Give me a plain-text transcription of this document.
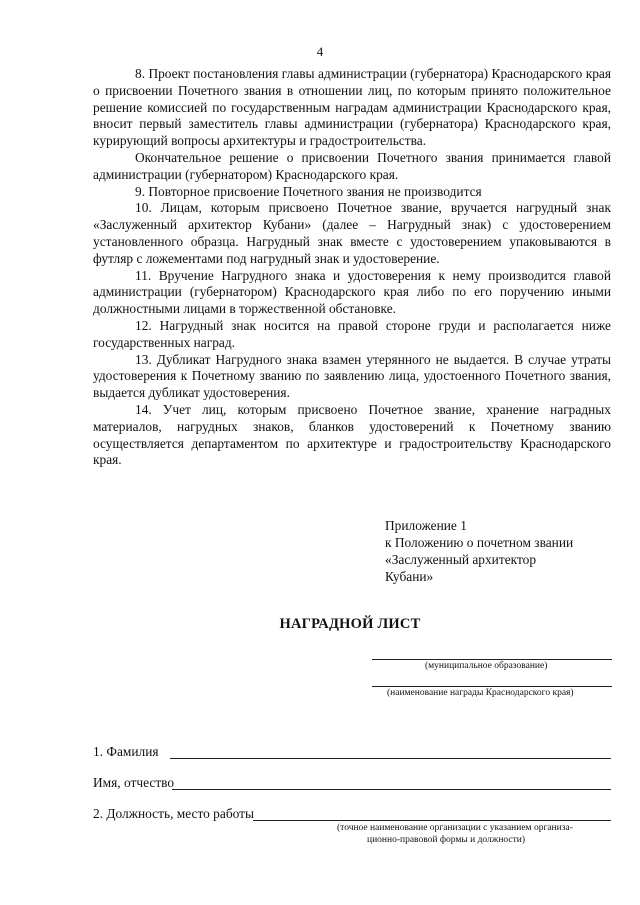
4

8. Проект постановления главы администрации (губернатора) Краснодарского края о присвоении Почетного звания в отношении лиц, по которым принято положительное решение комиссией по государственным наградам администрации Краснодарского края, вносит первый заместитель главы администрации (губернатора) Краснодарского края, курирующий вопросы архитектуры и градостроительства.

Окончательное решение о присвоении Почетного звания принимается главой администрации (губернатором) Краснодарского края.

9. Повторное присвоение Почетного звания не производится

10. Лицам, которым присвоено Почетное звание, вручается нагрудный знак «Заслуженный архитектор Кубани» (далее – Нагрудный знак) с удостоверением установленного образца. Нагрудный знак вместе с удостоверением упаковываются в футляр с ложементами под нагрудный знак и удостоверение.

11. Вручение Нагрудного знака и удостоверения к нему производится главой администрации (губернатором) Краснодарского края либо по его поручению иными должностными лицами в торжественной обстановке.

12. Нагрудный знак носится на правой стороне груди и располагается ниже государственных наград.

13. Дубликат Нагрудного знака взамен утерянного не выдается. В случае утраты удостоверения к Почетному званию по заявлению лица, удостоенного Почетного звания, выдается дубликат удостоверения.

14. Учет лиц, которым присвоено Почетное звание, хранение наградных материалов, нагрудных знаков, бланков удостоверений к Почетному званию осуществляется департаментом по архитектуре и градостроительству Краснодарского края.

Приложение 1
к Положению о почетном звании
«Заслуженный архитектор
Кубани»
НАГРАДНОЙ ЛИСТ
(муниципальное образование)
(наименование награды Краснодарского края)
1. Фамилия
Имя, отчество
2. Должность, место работы
(точное наименование организации с указанием организа-
ционно-правовой формы и должности)
